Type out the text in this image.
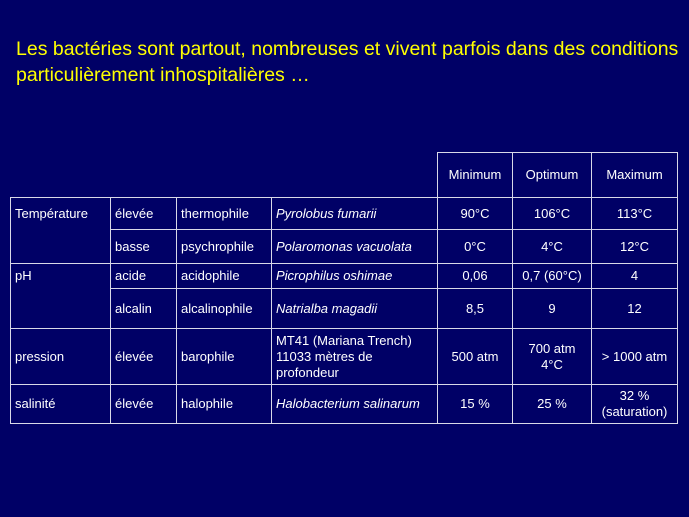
Les bactéries sont partout, nombreuses et vivent parfois dans des conditions particulièrement inhospitalières …
				Minimum	Optimum	Maximum
Température	élevée	thermophile	Pyrolobus fumarii	90°C	106°C	113°C
	basse	psychrophile	Polaromonas vacuolata	0°C	4°C	12°C
pH	acide	acidophile	Picrophilus oshimae	0,06	0,7 (60°C)	4
	alcalin	alcalinophile	Natrialba magadii	8,5	9	12
pression	élevée	barophile	MT41 (Mariana Trench) 11033 mètres de profondeur	500 atm	700 atm 4°C	> 1000 atm
salinité	élevée	halophile	Halobacterium salinarum	15 %	25 %	32 % (saturation)
